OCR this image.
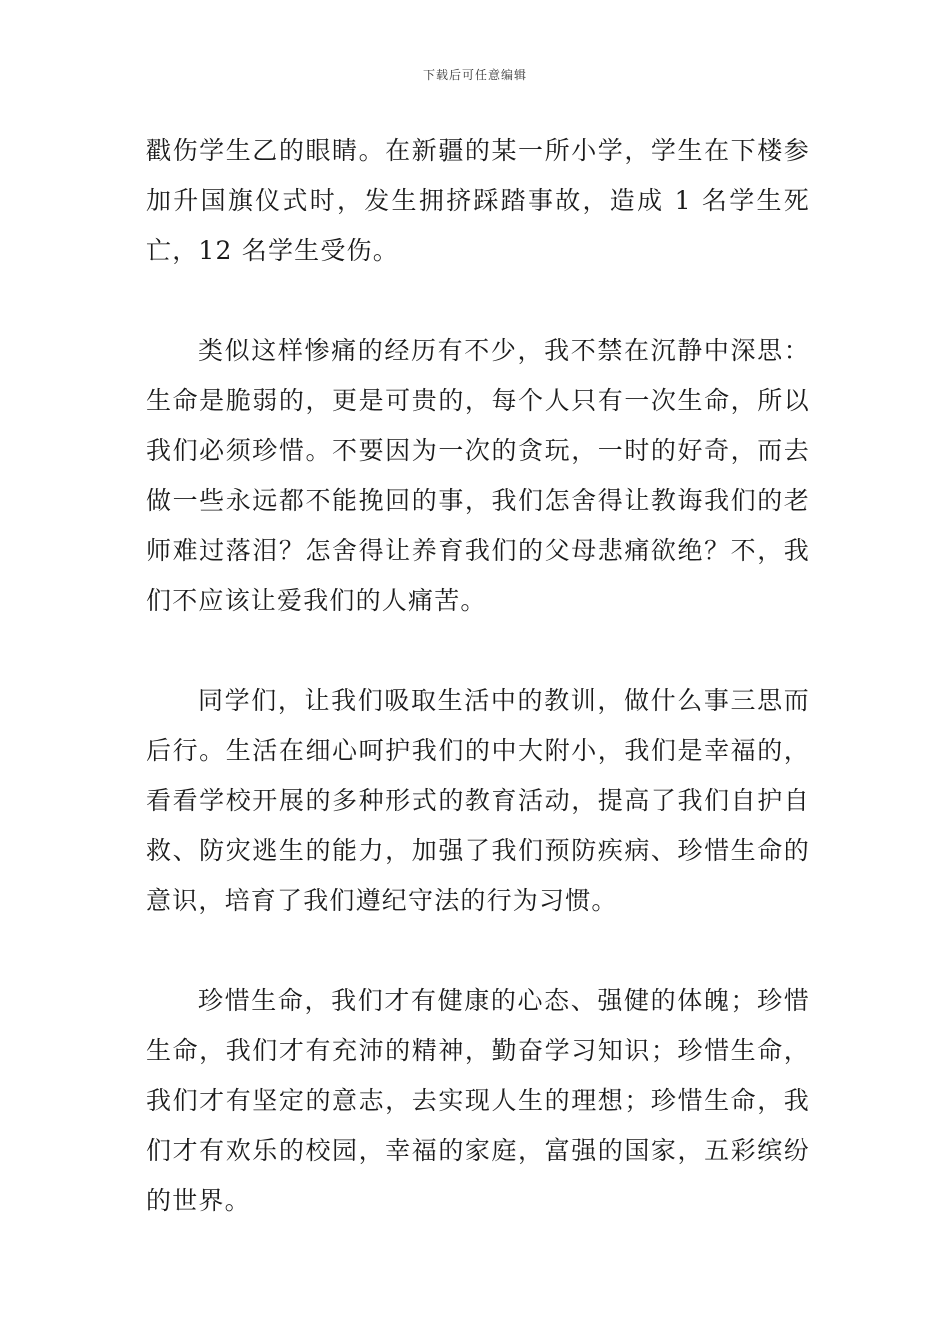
下载后可任意编辑

戳伤学生乙的眼睛。在新疆的某一所小学，学生在下楼参加升国旗仪式时，发生拥挤踩踏事故，造成 1 名学生死亡，12 名学生受伤。

类似这样惨痛的经历有不少，我不禁在沉静中深思：生命是脆弱的，更是可贵的，每个人只有一次生命，所以我们必须珍惜。不要因为一次的贪玩，一时的好奇，而去做一些永远都不能挽回的事，我们怎舍得让教诲我们的老师难过落泪？怎舍得让养育我们的父母悲痛欲绝？不，我们不应该让爱我们的人痛苦。

同学们，让我们吸取生活中的教训，做什么事三思而后行。生活在细心呵护我们的中大附小，我们是幸福的，看看学校开展的多种形式的教育活动，提高了我们自护自救、防灾逃生的能力，加强了我们预防疾病、珍惜生命的意识，培育了我们遵纪守法的行为习惯。

珍惜生命，我们才有健康的心态、强健的体魄；珍惜生命，我们才有充沛的精神，勤奋学习知识；珍惜生命，我们才有坚定的意志，去实现人生的理想；珍惜生命，我们才有欢乐的校园，幸福的家庭，富强的国家，五彩缤纷的世界。
